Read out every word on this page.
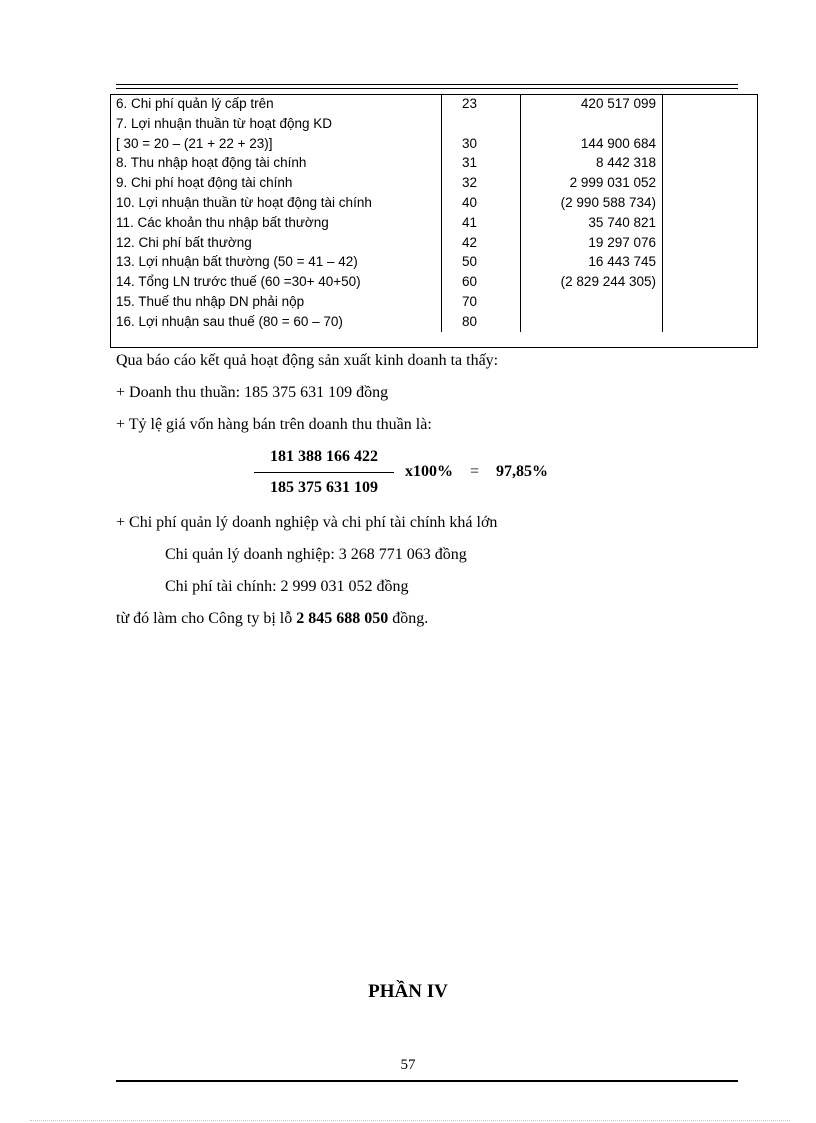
6. Chi phí quản lý cấp trên	23	420 517 099	

7. Lợi nhuận thuần từ hoạt động KD
[ 30 = 20 – (21 + 22 + 23)]	30	144 900 684	

8. Thu nhập hoạt động tài chính	31	8 442 318	

9. Chi phí hoạt động tài chính	32	2 999 031 052	

10. Lợi nhuận thuần từ hoạt động tài chính	40	(2 990 588 734)	

11. Các khoản thu nhập bất thường	41	35 740 821	

12. Chi phí bất thường	42	19 297 076	

13. Lợi nhuận bất thường (50 = 41 – 42)	50	16 443 745	

14. Tổng LN trước thuế (60 =30+ 40+50)	60	(2 829 244 305)	

15. Thuế thu nhập DN phải nộp	70		

16. Lợi nhuận sau thuế (80 = 60 – 70)	80		

Qua báo cáo kết quả hoạt động sản xuất kinh doanh ta thấy:
+ Doanh thu thuần: 185 375 631 109 đồng
+ Tỷ lệ giá vốn hàng bán trên doanh thu thuần là:
181 388 166 422
185 375 631 109
x100% = 97,85%
+ Chi phí quản lý doanh nghiệp và chi phí tài chính khá lớn
Chi quản lý doanh nghiệp: 3 268 771 063 đồng
Chi phí tài chính: 2 999 031 052 đồng
từ đó làm cho Công ty bị lỗ 2 845 688 050 đồng.
PHẦN IV
57
